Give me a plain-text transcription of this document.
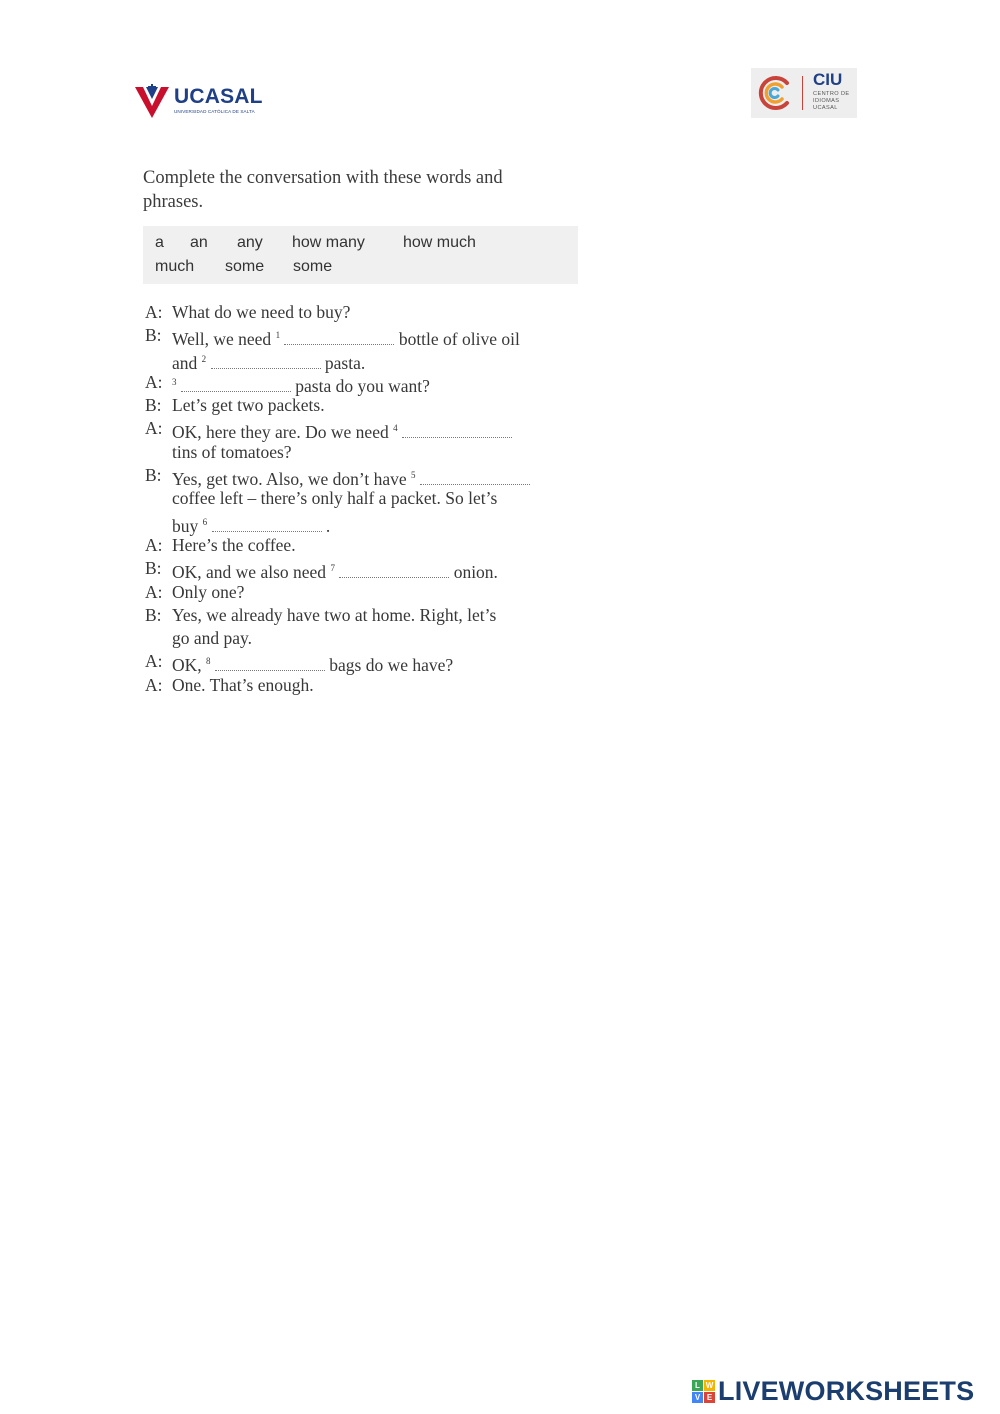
UCASAL
UNIVERSIDAD CATÓLICA DE SALTA
CIU
CENTRO DE
IDIOMAS
UCASAL
Complete the conversation with these words and
phrases.
a an any how many how much
much some some
A: What do we need to buy?
B: Well, we need $^1$	bottle of olive oil
and $^2$	pasta.
A: $^3$	pasta do you want?
B: Let’s get two packets.
A: OK, here they are. Do we need $^4$
tins of tomatoes?
B: Yes, get two. Also, we don’t have $^5$
coffee left – there’s only half a packet. So let’s
buy $^6$	.
A: Here’s the coffee.
B: OK, and we also need $^7$	onion.
A: Only one?
B: Yes, we already have two at home. Right, let’s
go and pay.
A: OK, $^8$	bags do we have?
A: One. That’s enough.
L W
V E LIVEWORKSHEETS
